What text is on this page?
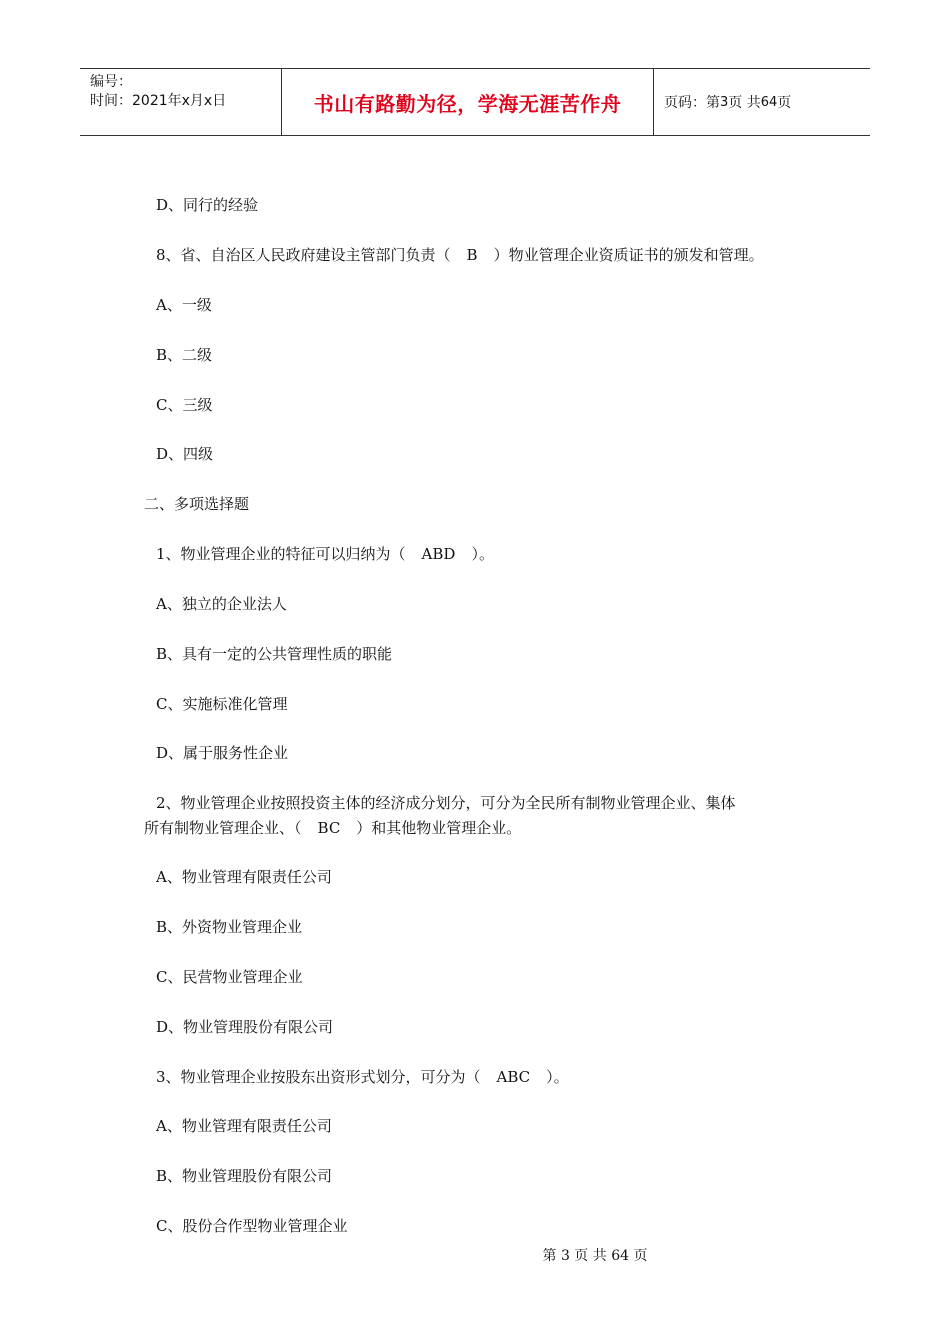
编号：
时间：2021年x月x日	书山有路勤为径，学海无涯苦作舟	页码：第 3 页 共 64 页
D、同行的经验
8、省、自治区人民政府建设主管部门负责（ B ）物业管理企业资质证书的颁发和管理。
A、一级
B、二级
C、三级
D、四级
二、多项选择题
1、物业管理企业的特征可以归纳为（ ABD ）。
A、独立的企业法人
B、具有一定的公共管理性质的职能
C、实施标准化管理
D、属于服务性企业
2、物业管理企业按照投资主体的经济成分划分，可分为全民所有制物业管理企业、集体
所有制物业管理企业、（ BC ）和其他物业管理企业。
A、物业管理有限责任公司
B、外资物业管理企业
C、民营物业管理企业
D、物业管理股份有限公司
3、物业管理企业按股东出资形式划分，可分为（ ABC ）。
A、物业管理有限责任公司
B、物业管理股份有限公司
C、股份合作型物业管理企业
第 3 页 共 64 页
